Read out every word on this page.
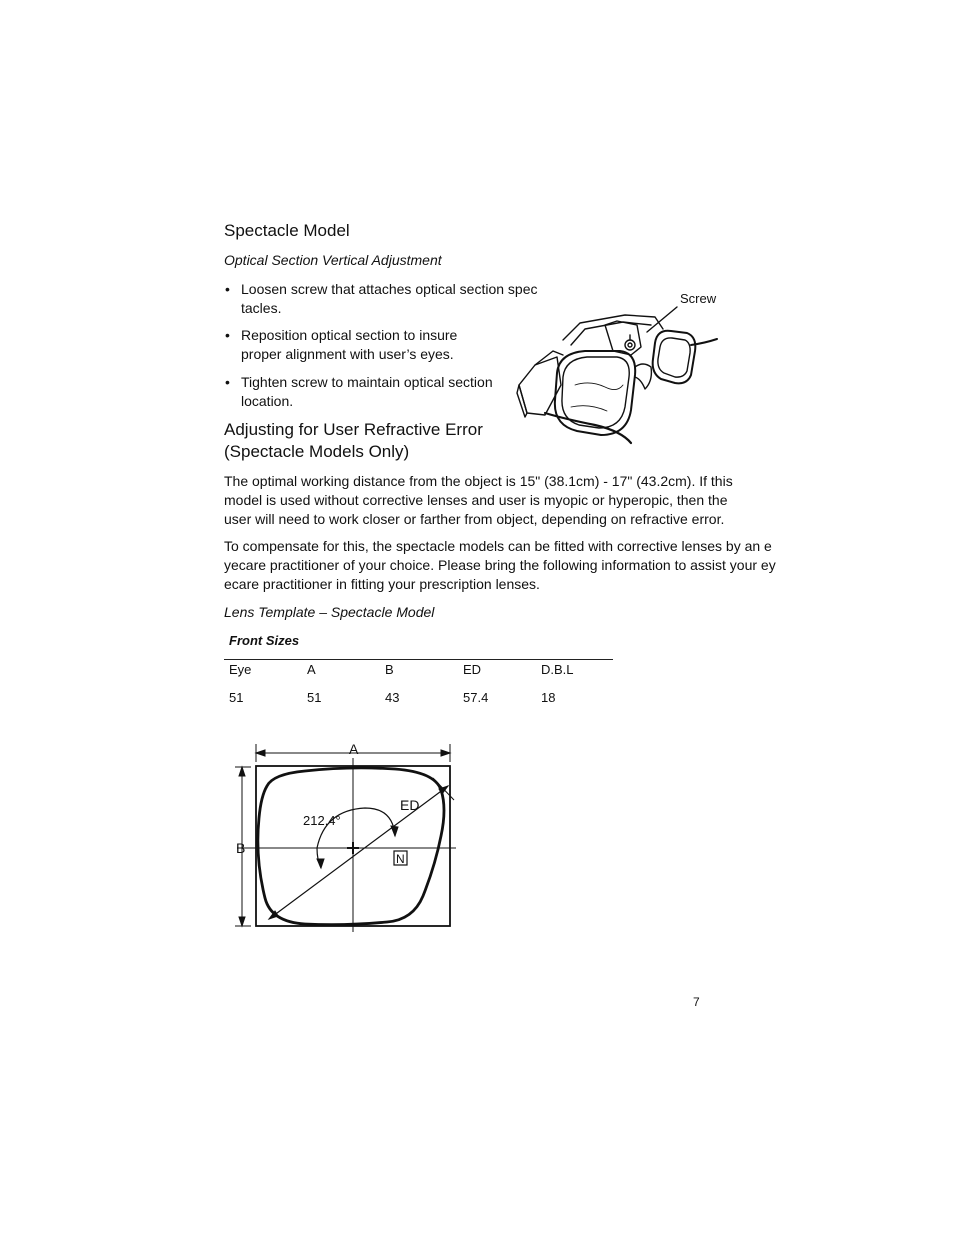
Spectacle Model
Optical Section Vertical Adjustment
• Loosen screw that attaches optical section spec
tacles.
• Reposition optical section to insure
proper alignment with user’s eyes.
• Tighten screw to maintain optical section
location.
Screw
Adjusting for User Refractive Error
(Spectacle Models Only)
The optimal working distance from the object is 15" (38.1cm) - 17" (43.2cm). If this
model is used without corrective lenses and user is myopic or hyperopic, then the
user will need to work closer or farther from object, depending on refractive error.
To compensate for this, the spectacle models can be fitted with corrective lenses by an e
yecare practitioner of your choice. Please bring the following information to assist your ey
ecare practitioner in fitting your prescription lenses.
Lens Template – Spectacle Model
Front Sizes
Eye	A	B	ED	D.B.L
51	51	43	57.4	18
A
B
ED
212.4°
N
7
